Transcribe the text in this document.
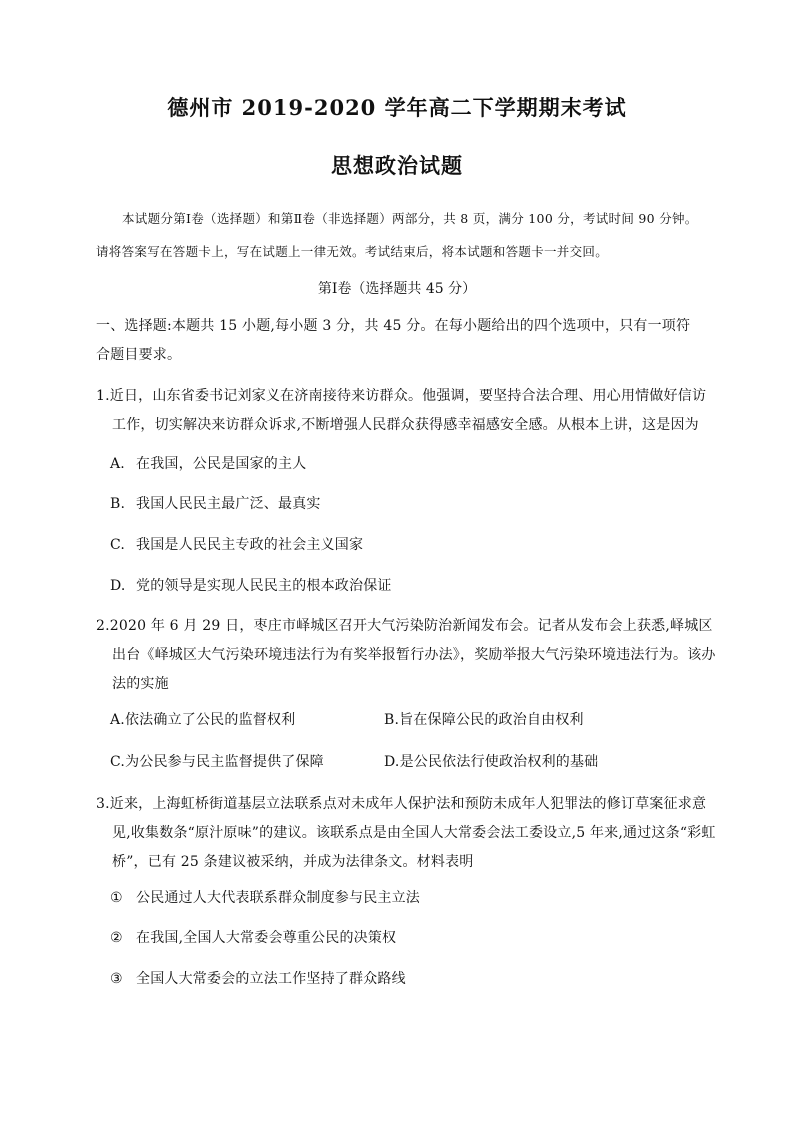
德州市 2019-2020 学年高二下学期期末考试
思想政治试题
本试题分第Ⅰ卷（选择题）和第Ⅱ卷（非选择题）两部分，共 8 页，满分 100 分，考试时间 90 分钟。请将答案写在答题卡上，写在试题上一律无效。考试结束后，将本试题和答题卡一并交回。
第Ⅰ卷（选择题共 45 分）
一、选择题:本题共 15 小题,每小题 3 分，共 45 分。在每小题给出的四个选项中，只有一项符合题目要求。
1.近日，山东省委书记刘家义在济南接待来访群众。他强调，要坚持合法合理、用心用情做好信访工作，切实解决来访群众诉求,不断增强人民群众获得感幸福感安全感。从根本上讲，这是因为
A. 在我国，公民是国家的主人
B. 我国人民民主最广泛、最真实
C. 我国是人民民主专政的社会主义国家
D. 党的领导是实现人民民主的根本政治保证
2.2020 年 6 月 29 日，枣庄市峄城区召开大气污染防治新闻发布会。记者从发布会上获悉,峄城区出台《峄城区大气污染环境违法行为有奖举报暂行办法》，奖励举报大气污染环境违法行为。该办法的实施
A.依法确立了公民的监督权利	B.旨在保障公民的政治自由权利
C.为公民参与民主监督提供了保障	D.是公民依法行使政治权利的基础
3.近来，上海虹桥街道基层立法联系点对未成年人保护法和预防未成年人犯罪法的修订草案征求意见,收集数条“原汁原味”的建议。该联系点是由全国人大常委会法工委设立,5 年来,通过这条“彩虹桥”，已有 25 条建议被采纳，并成为法律条文。材料表明
① 公民通过人大代表联系群众制度参与民主立法
② 在我国,全国人大常委会尊重公民的决策权
③ 全国人大常委会的立法工作坚持了群众路线
